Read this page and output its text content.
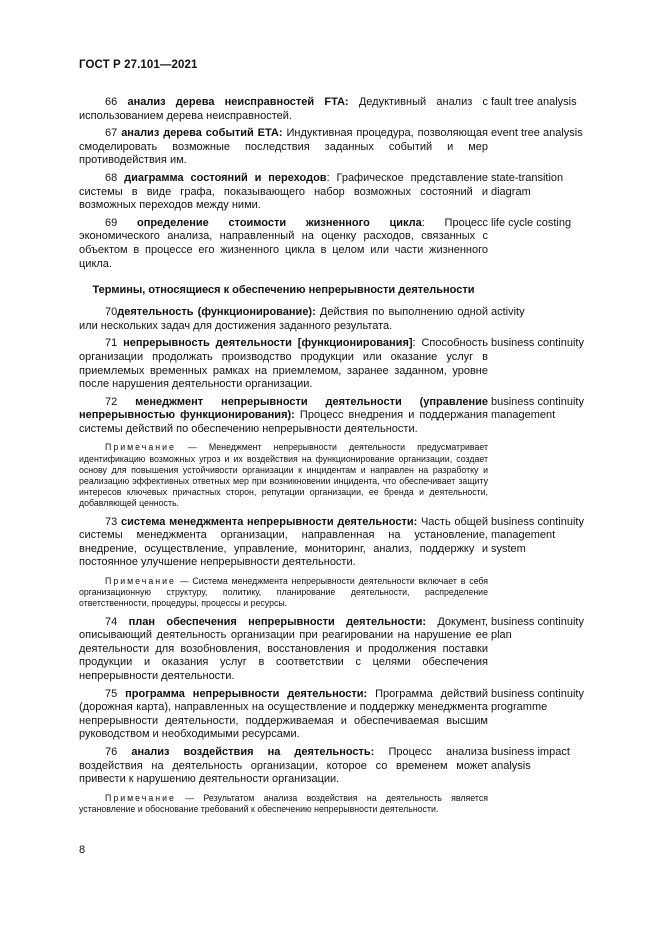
ГОСТ Р 27.101—2021
66 анализ дерева неисправностей FTA: Дедуктивный анализ с использованием дерева неисправностей.
fault tree analysis
67 анализ дерева событий ETA: Индуктивная процедура, позволяющая смоделировать возможные последствия заданных событий и мер противодействия им.
event tree analysis
68 диаграмма состояний и переходов: Графическое представление системы в виде графа, показывающего набор возможных состояний и возможных переходов между ними.
state-transition diagram
69 определение стоимости жизненного цикла: Процесс экономического анализа, направленный на оценку расходов, связанных с объектом в процессе его жизненного цикла в целом или части жизненного цикла.
life cycle costing
Термины, относящиеся к обеспечению непрерывности деятельности
70деятельность (функционирование): Действия по выполнению одной или нескольких задач для достижения заданного результата.
activity
71 непрерывность деятельности [функционирования]: Способность организации продолжать производство продукции или оказание услуг в приемлемых временных рамках на приемлемом, заранее заданном, уровне после нарушения деятельности организации.
business continuity
72 менеджмент непрерывности деятельности (управление непрерывностью функционирования): Процесс внедрения и поддержания системы действий по обеспечению непрерывности деятельности.
business continuity management
Примечание — Менеджмент непрерывности деятельности предусматривает идентификацию возможных угроз и их воздействия на функционирование организации, создает основу для повышения устойчивости организации к инцидентам и направлен на разработку и реализацию эффективных ответных мер при возникновении инцидента, что обеспечивает защиту интересов ключевых причастных сторон, репутации организации, ее бренда и деятельности, добавляющей ценность.
73 система менеджмента непрерывности деятельности: Часть общей системы менеджмента организации, направленная на установление, внедрение, осуществление, управление, мониторинг, анализ, поддержку и постоянное улучшение непрерывности деятельности.
business continuity management system
Примечание — Система менеджмента непрерывности деятельности включает в себя организационную структуру, политику, планирование деятельности, распределение ответственности, процедуры, процессы и ресурсы.
74 план обеспечения непрерывности деятельности: Документ, описывающий деятельность организации при реагировании на нарушение ее деятельности для возобновления, восстановления и продолжения поставки продукции и оказания услуг в соответствии с целями обеспечения непрерывности деятельности.
business continuity plan
75 программа непрерывности деятельности: Программа действий (дорожная карта), направленных на осуществление и поддержку менеджмента непрерывности деятельности, поддерживаемая и обеспечиваемая высшим руководством и необходимыми ресурсами.
business continuity programme
76 анализ воздействия на деятельность: Процесс анализа воздействия на деятельность организации, которое со временем может привести к нарушению деятельности организации.
business impact analysis
Примечание — Результатом анализа воздействия на деятельность является установление и обоснование требований к обеспечению непрерывности деятельности.
8
